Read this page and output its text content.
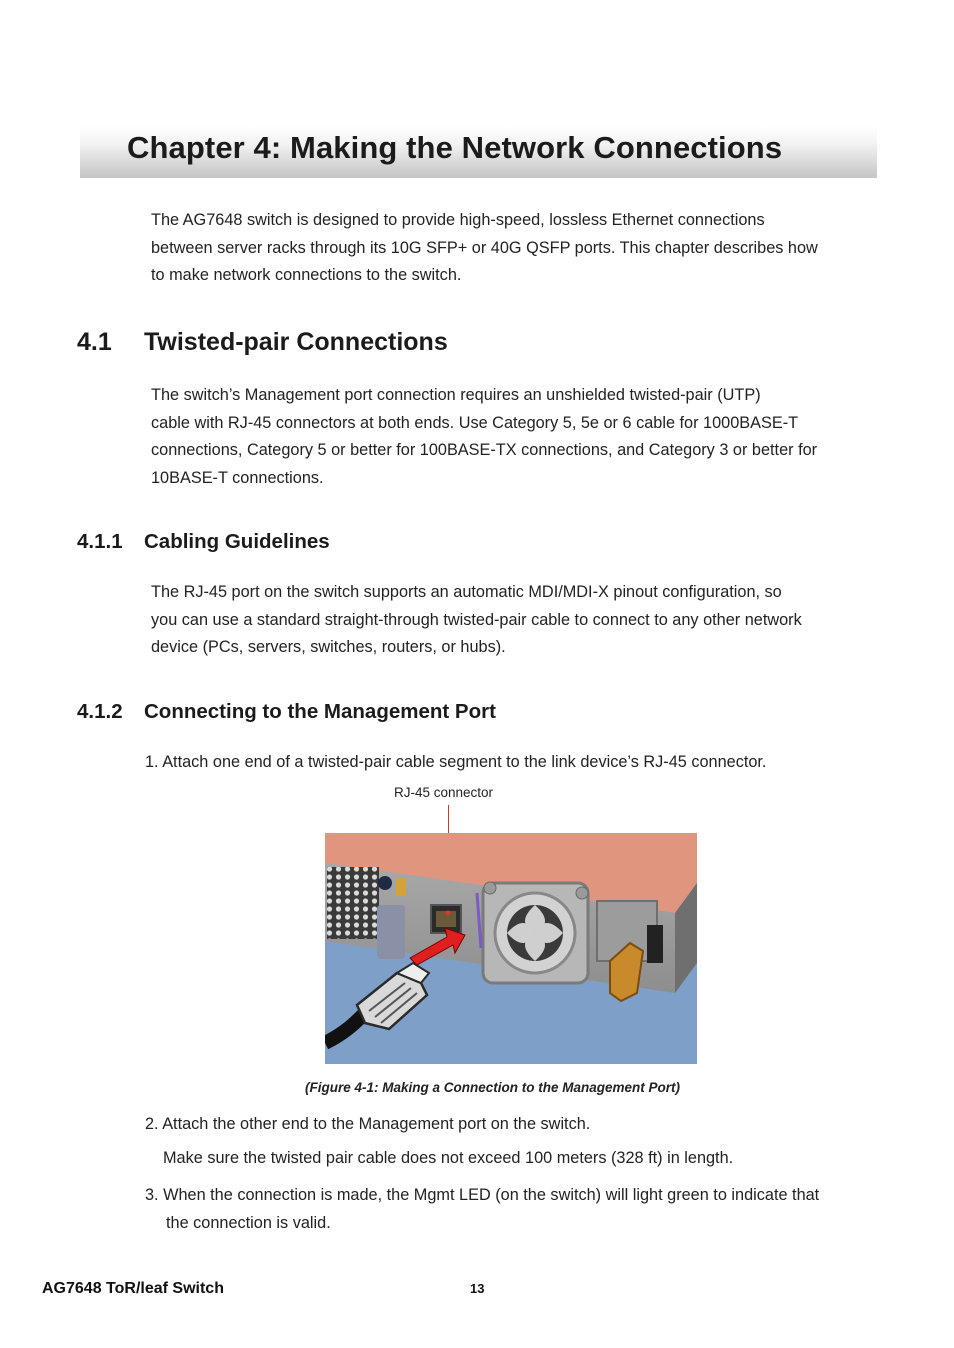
Chapter 4: Making the Network Connections
The AG7648 switch is designed to provide high-speed, lossless Ethernet connections
between server racks through its 10G SFP+ or 40G QSFP ports. This chapter describes how
to make network connections to the switch.
4.1 Twisted-pair Connections
The switch’s Management port connection requires an unshielded twisted-pair (UTP)
cable with RJ-45 connectors at both ends. Use Category 5, 5e or 6 cable for 1000BASE-T
connections, Category 5 or better for 100BASE-TX connections, and Category 3 or better for
10BASE-T connections.
4.1.1 Cabling Guidelines
The RJ-45 port on the switch supports an automatic MDI/MDI-X pinout configuration, so
you can use a standard straight-through twisted-pair cable to connect to any other network
device (PCs, servers, switches, routers, or hubs).
4.1.2 Connecting to the Management Port

1. Attach one end of a twisted-pair cable segment to the link device’s RJ-45 connector.

RJ-45 connector

(Figure 4-1: Making a Connection to the Management Port)

2. Attach the other end to the Management port on the switch.

Make sure the twisted pair cable does not exceed 100 meters (328 ft) in length.

3. When the connection is made, the Mgmt LED (on the switch) will light green to indicate that

the connection is valid.

AG7648 ToR/leaf Switch	13
